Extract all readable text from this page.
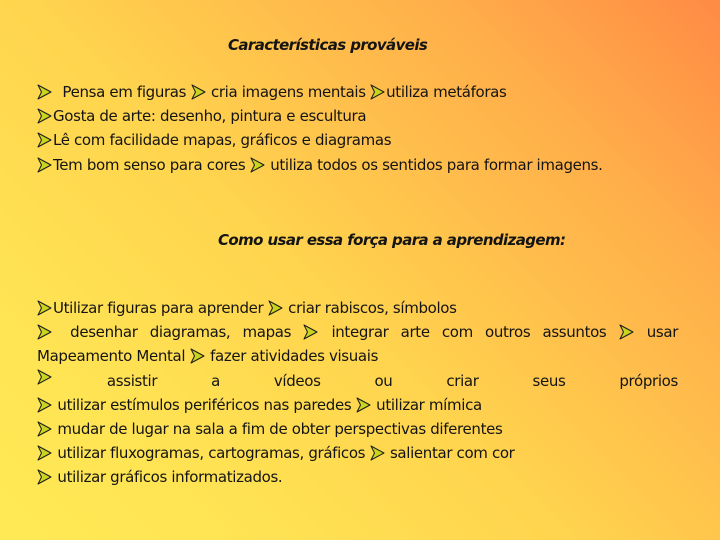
Características prováveis

Pensa em figuras cria imagens mentais utiliza metáforas
Gosta de arte: desenho, pintura e escultura
Lê com facilidade mapas, gráficos e diagramas
Tem bom senso para cores utiliza todos os sentidos para formar imagens.

Como usar essa força para a aprendizagem:

Utilizar figuras para aprender criar rabiscos, símbolos
desenhar diagramas, mapas	integrar arte com outros assuntos	usar Mapeamento Mental fazer atividades visuais
assistir	a	vídeos	ou	criar	seus	próprios
utilizar estímulos periféricos nas paredes utilizar mímica
mudar de lugar na sala a fim de obter perspectivas diferentes
utilizar fluxogramas, cartogramas, gráficos salientar com cor
utilizar gráficos informatizados.
